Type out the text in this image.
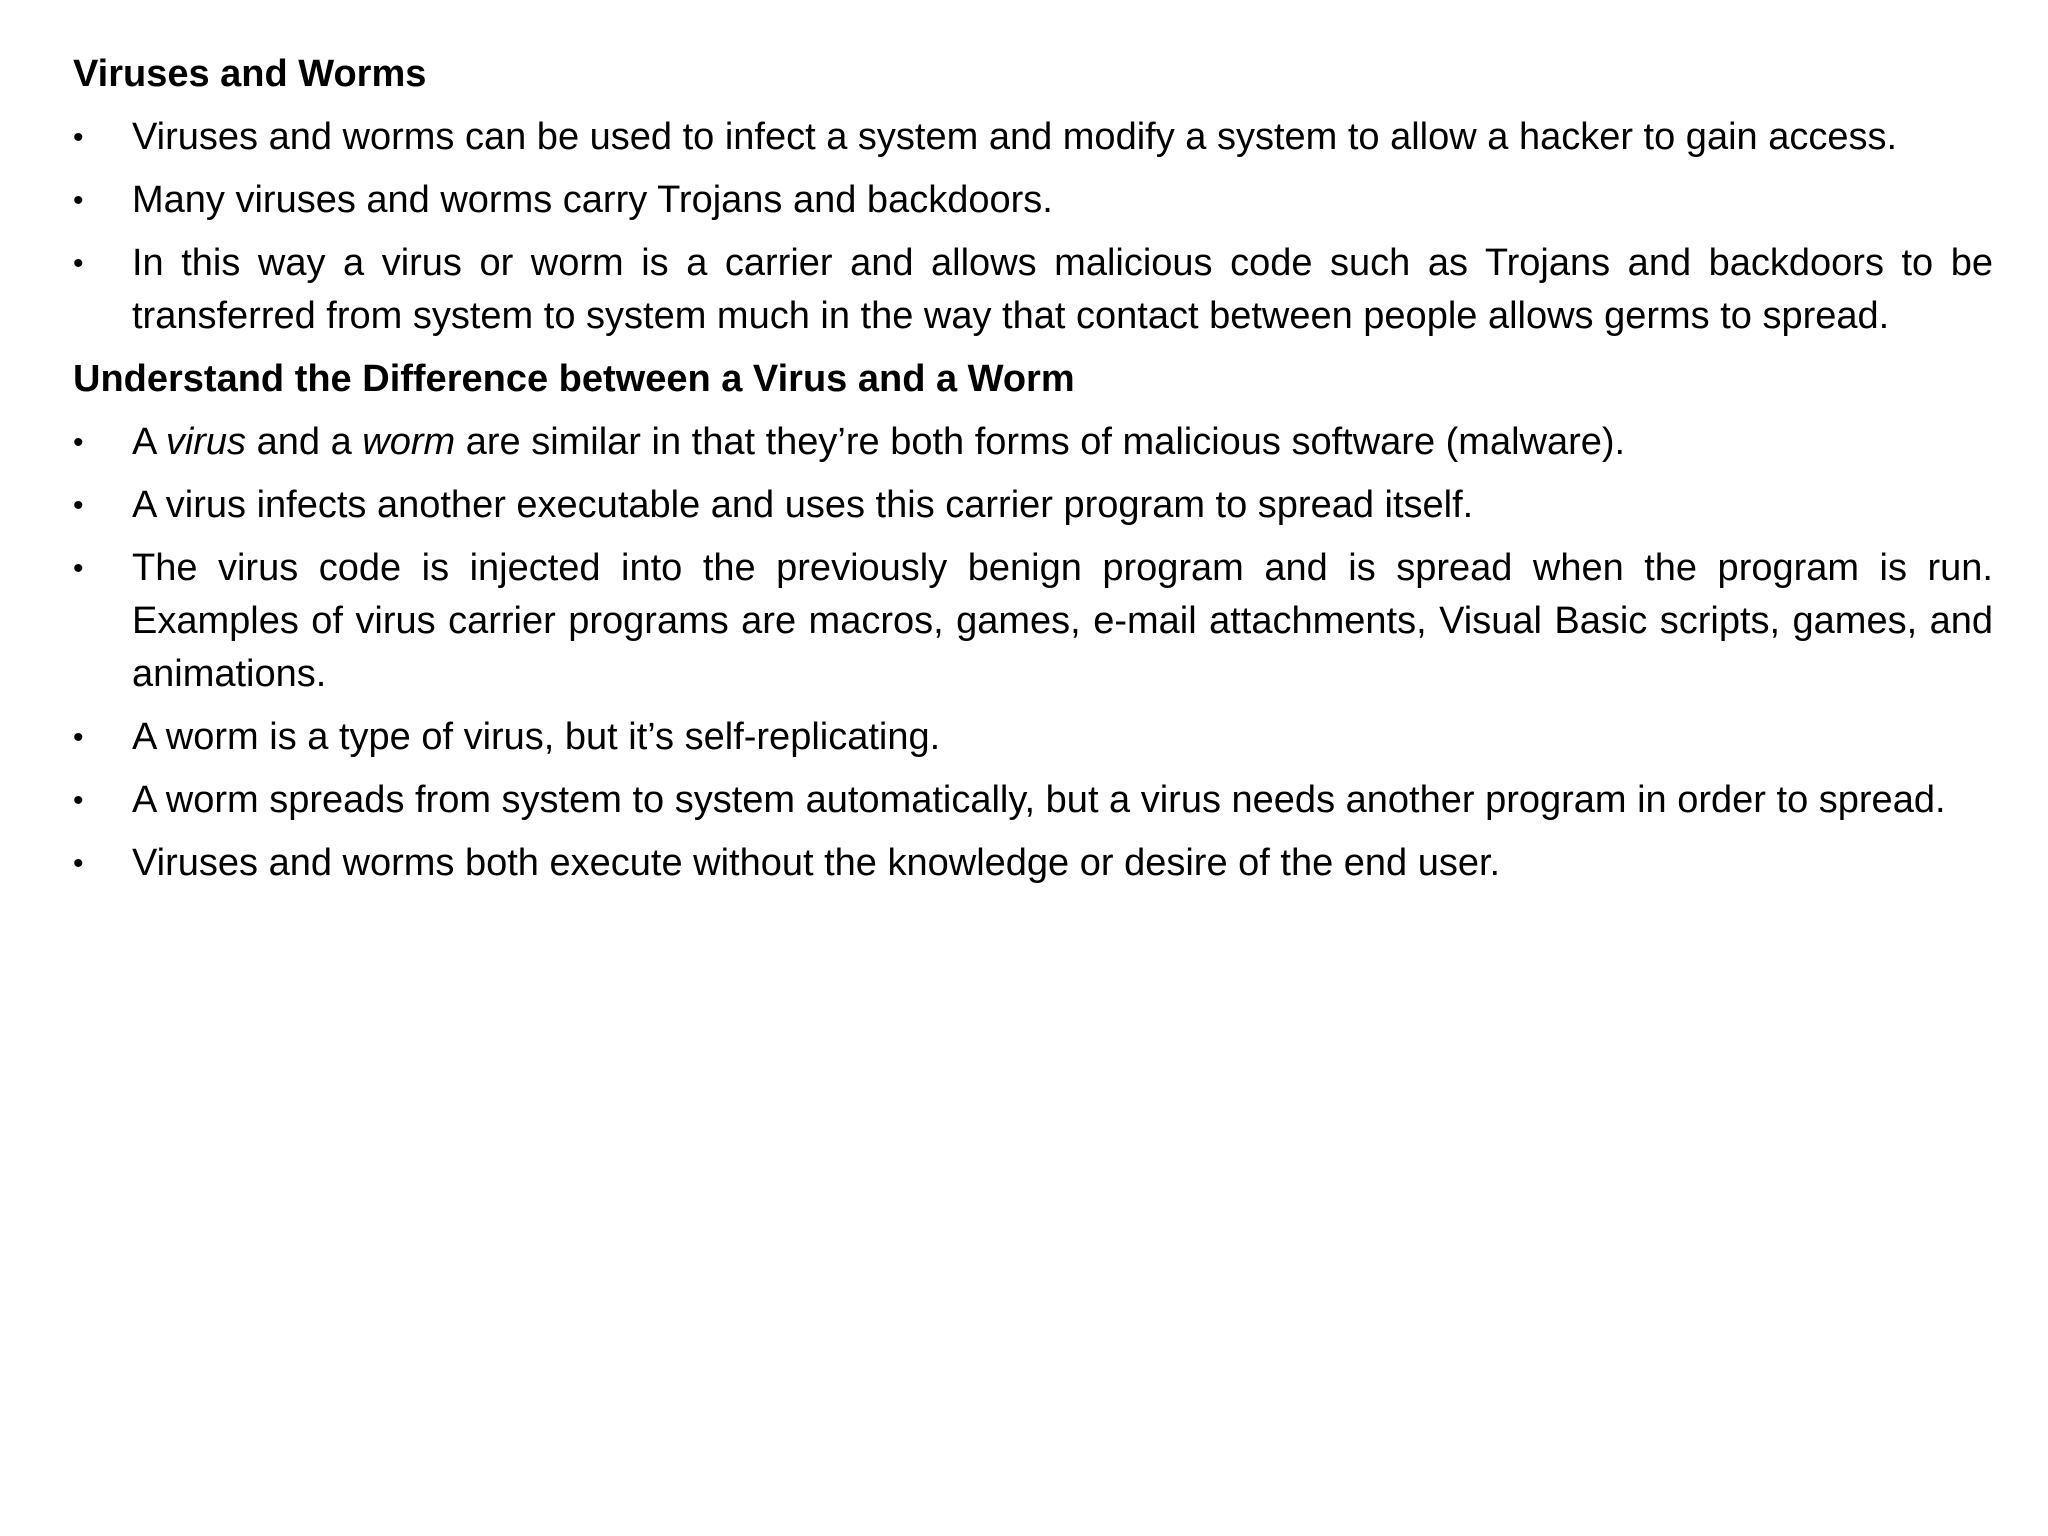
Viruses and Worms
• Viruses and worms can be used to infect a system and modify a system to allow a hacker to gain access.
• Many viruses and worms carry Trojans and backdoors.
• In this way a virus or worm is a carrier and allows malicious code such as Trojans and backdoors to be transferred from system to system much in the way that contact between people allows germs to spread.
Understand the Difference between a Virus and a Worm
• A virus and a worm are similar in that they’re both forms of malicious software (malware).
• A virus infects another executable and uses this carrier program to spread itself.
• The virus code is injected into the previously benign program and is spread when the program is run. Examples of virus carrier programs are macros, games, e-mail attachments, Visual Basic scripts, games, and animations.
• A worm is a type of virus, but it’s self-replicating.
• A worm spreads from system to system automatically, but a virus needs another program in order to spread.
• Viruses and worms both execute without the knowledge or desire of the end user.
